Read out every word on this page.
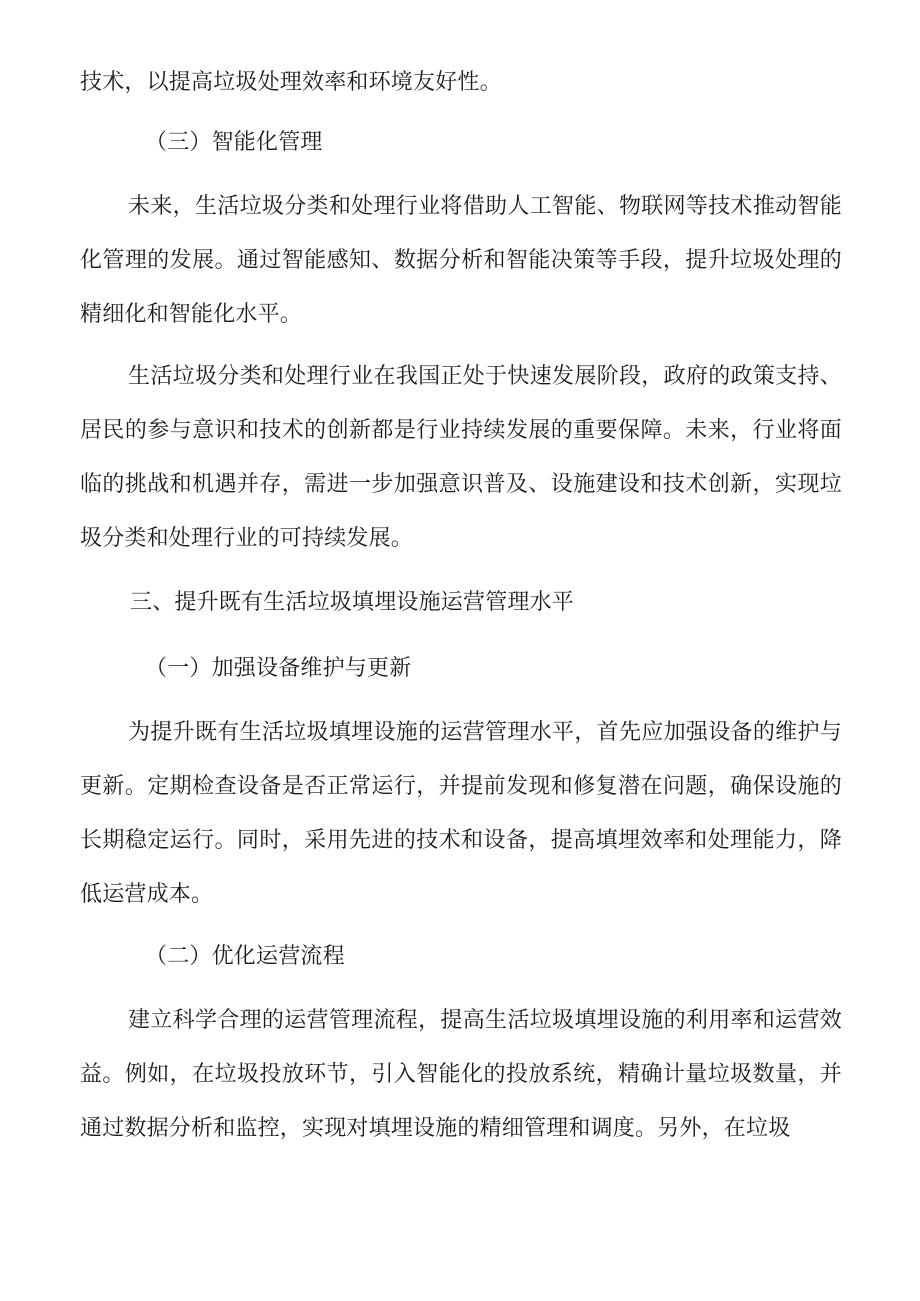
技术，以提高垃圾处理效率和环境友好性。

（三）智能化管理

未来，生活垃圾分类和处理行业将借助人工智能、物联网等技术推动智能化管理的发展。通过智能感知、数据分析和智能决策等手段，提升垃圾处理的精细化和智能化水平。

生活垃圾分类和处理行业在我国正处于快速发展阶段，政府的政策支持、居民的参与意识和技术的创新都是行业持续发展的重要保障。未来，行业将面临的挑战和机遇并存，需进一步加强意识普及、设施建设和技术创新，实现垃圾分类和处理行业的可持续发展。

三、提升既有生活垃圾填埋设施运营管理水平

（一）加强设备维护与更新

为提升既有生活垃圾填埋设施的运营管理水平，首先应加强设备的维护与更新。定期检查设备是否正常运行，并提前发现和修复潜在问题，确保设施的长期稳定运行。同时，采用先进的技术和设备，提高填埋效率和处理能力，降低运营成本。

（二）优化运营流程

建立科学合理的运营管理流程，提高生活垃圾填埋设施的利用率和运营效益。例如，在垃圾投放环节，引入智能化的投放系统，精确计量垃圾数量，并通过数据分析和监控，实现对填埋设施的精细管理和调度。另外，在垃圾
